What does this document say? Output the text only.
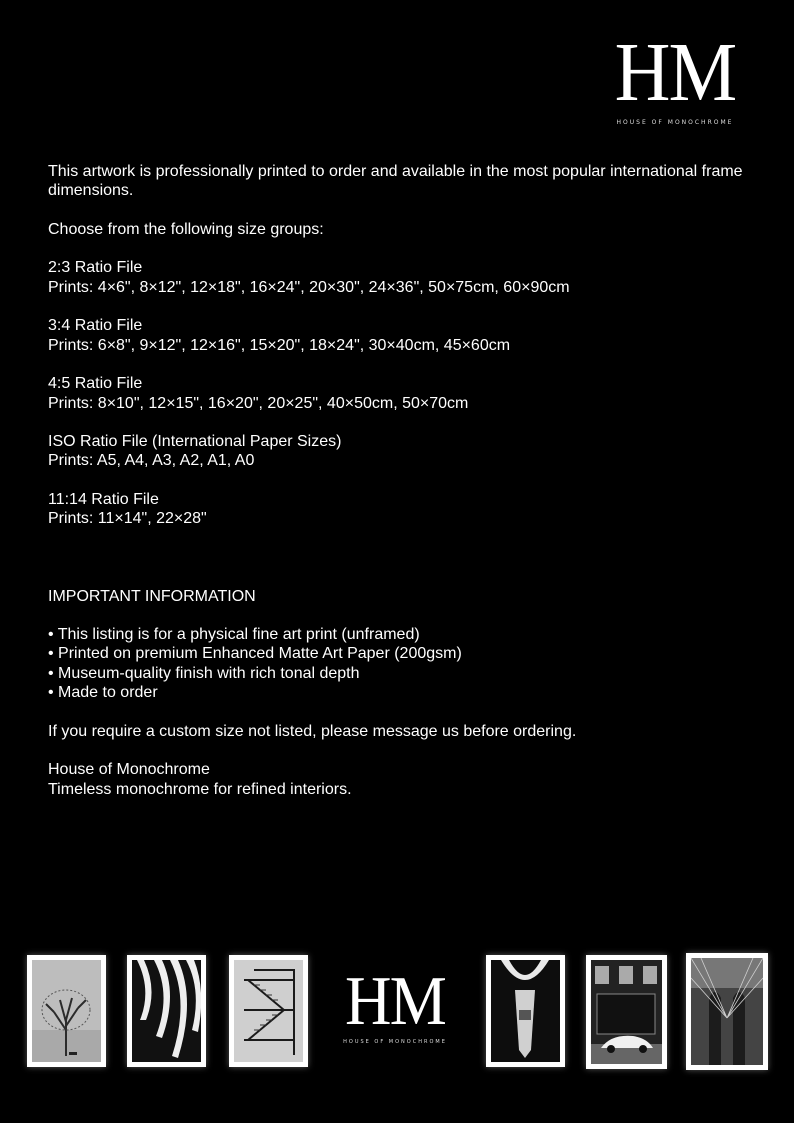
HM
HOUSE OF MONOCHROME

This artwork is professionally printed to order and available in the most popular international frame dimensions.

Choose from the following size groups:

2:3 Ratio File

Prints: 4×6", 8×12", 12×18", 16×24", 20×30", 24×36", 50×75cm, 60×90cm

3:4 Ratio File

Prints: 6×8", 9×12", 12×16", 15×20", 18×24", 30×40cm, 45×60cm

4:5 Ratio File

Prints: 8×10", 12×15", 16×20", 20×25", 40×50cm, 50×70cm

ISO Ratio File (International Paper Sizes)

Prints: A5, A4, A3, A2, A1, A0

11:14 Ratio File

Prints: 11×14", 22×28"

IMPORTANT INFORMATION

• This listing is for a physical fine art print (unframed)

• Printed on premium Enhanced Matte Art Paper (200gsm)

• Museum-quality finish with rich tonal depth

• Made to order

If you require a custom size not listed, please message us before ordering.

House of Monochrome

Timeless monochrome for refined interiors.

HM
HOUSE OF MONOCHROME
